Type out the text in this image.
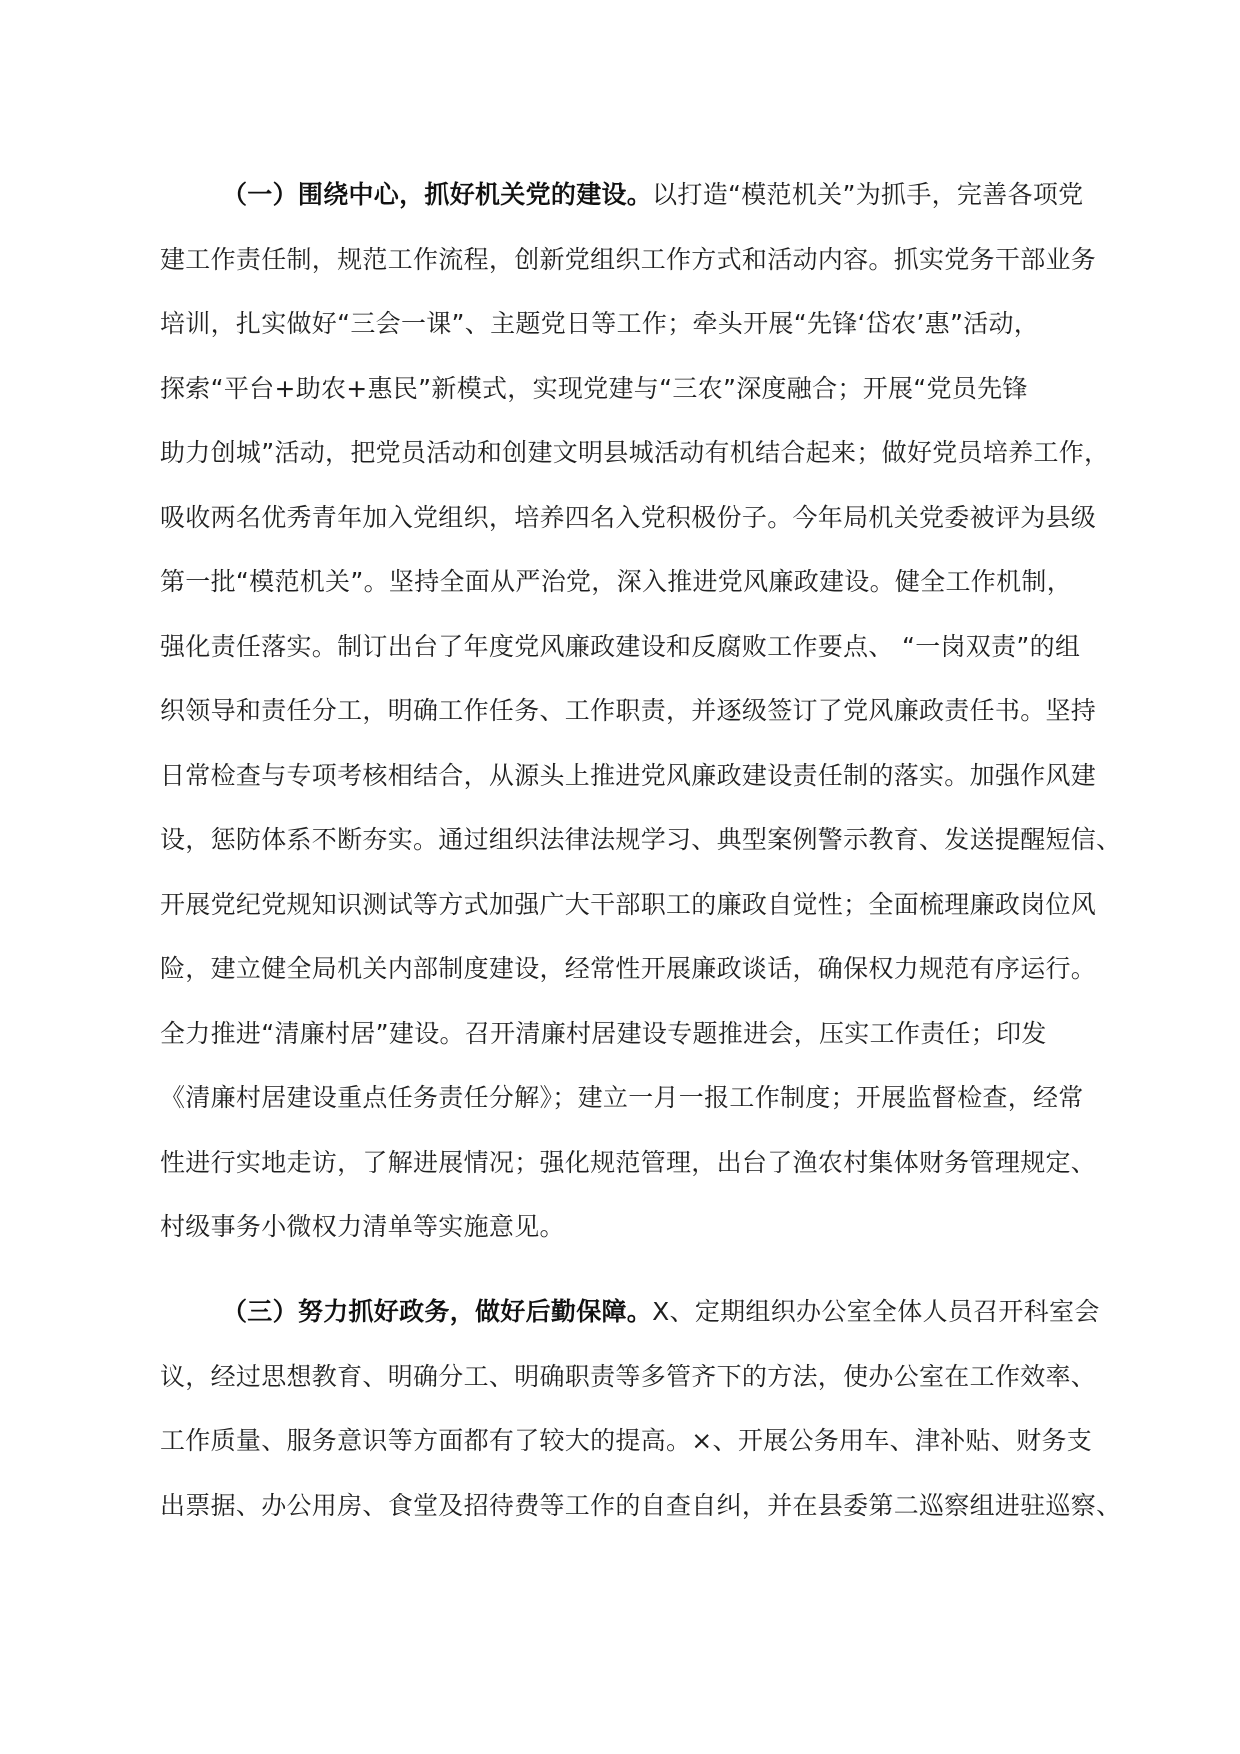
（一）围绕中心，抓好机关党的建设。以打造“模范机关”为抓手，完善各项党
建工作责任制，规范工作流程，创新党组织工作方式和活动内容。抓实党务干部业务
培训，扎实做好“三会一课”、主题党日等工作；牵头开展“先锋‘岱农’惠”活动，
探索“平台+助农+惠民”新模式，实现党建与“三农”深度融合；开展“党员先锋
助力创城”活动，把党员活动和创建文明县城活动有机结合起来；做好党员培养工作，
吸收两名优秀青年加入党组织，培养四名入党积极份子。今年局机关党委被评为县级
第一批“模范机关”。坚持全面从严治党，深入推进党风廉政建设。健全工作机制，
强化责任落实。制订出台了年度党风廉政建设和反腐败工作要点、 “一岗双责”的组
织领导和责任分工，明确工作任务、工作职责，并逐级签订了党风廉政责任书。坚持
日常检查与专项考核相结合，从源头上推进党风廉政建设责任制的落实。加强作风建
设，惩防体系不断夯实。通过组织法律法规学习、典型案例警示教育、发送提醒短信、
开展党纪党规知识测试等方式加强广大干部职工的廉政自觉性；全面梳理廉政岗位风
险，建立健全局机关内部制度建设，经常性开展廉政谈话，确保权力规范有序运行。
全力推进“清廉村居”建设。召开清廉村居建设专题推进会，压实工作责任；印发
《清廉村居建设重点任务责任分解》；建立一月一报工作制度；开展监督检查，经常
性进行实地走访，了解进展情况；强化规范管理，出台了渔农村集体财务管理规定、
村级事务小微权力清单等实施意见。
（三）努力抓好政务，做好后勤保障。X、定期组织办公室全体人员召开科室会
议，经过思想教育、明确分工、明确职责等多管齐下的方法，使办公室在工作效率、
工作质量、服务意识等方面都有了较大的提高。×、开展公务用车、津补贴、财务支
出票据、办公用房、食堂及招待费等工作的自查自纠，并在县委第二巡察组进驻巡察、
